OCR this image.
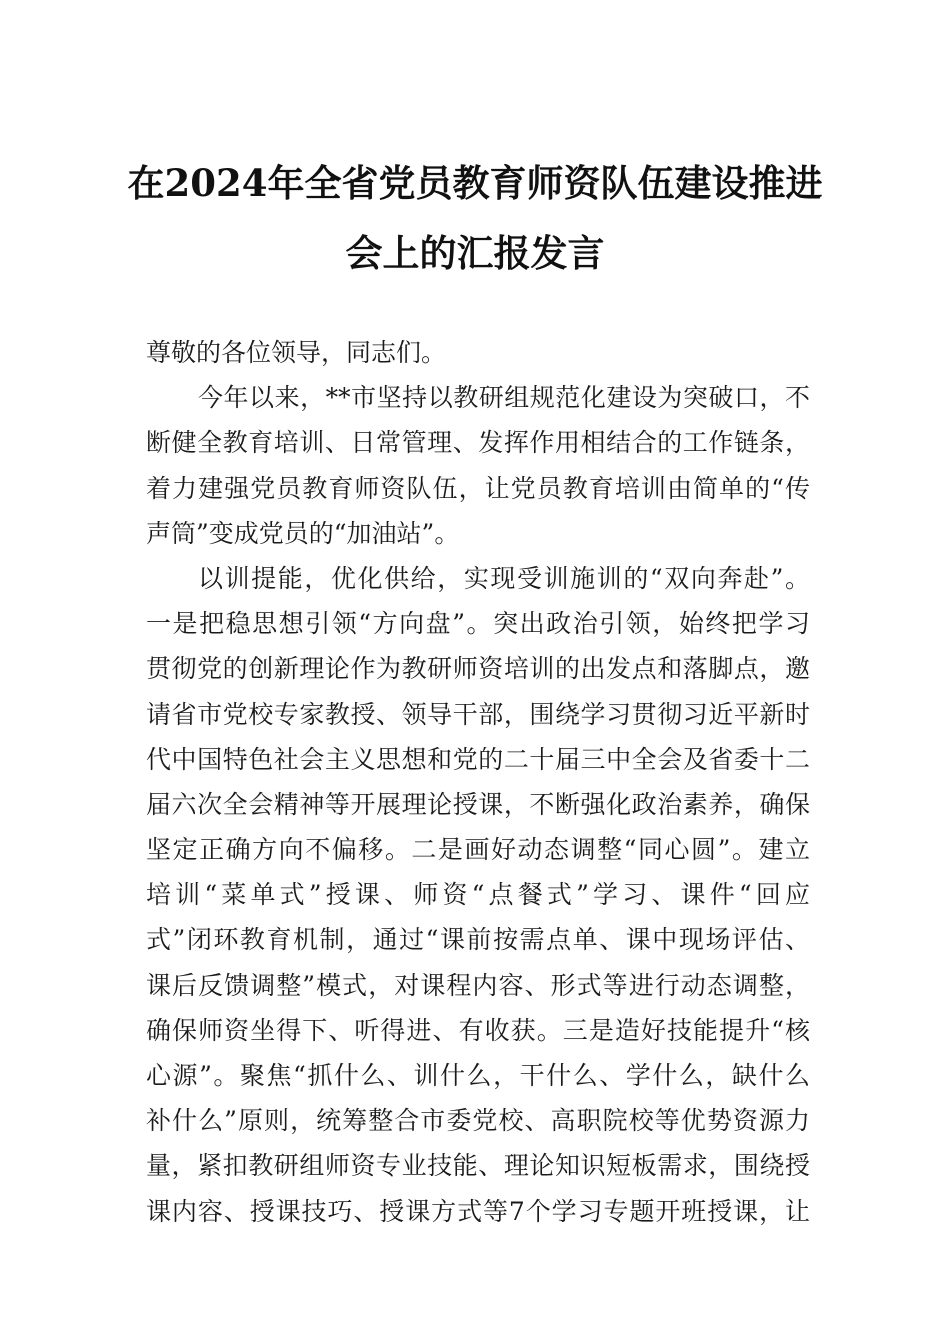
在2024年全省党员教育师资队伍建设推进
会上的汇报发言
尊敬的各位领导，同志们。
今年以来，**市坚持以教研组规范化建设为突破口，不
断健全教育培训、日常管理、发挥作用相结合的工作链条，
着力建强党员教育师资队伍，让党员教育培训由简单的“传
声筒”变成党员的“加油站”。
以训提能，优化供给，实现受训施训的“双向奔赴”。
一是把稳思想引领“方向盘”。突出政治引领，始终把学习
贯彻党的创新理论作为教研师资培训的出发点和落脚点，邀
请省市党校专家教授、领导干部，围绕学习贯彻习近平新时
代中国特色社会主义思想和党的二十届三中全会及省委十二
届六次全会精神等开展理论授课，不断强化政治素养，确保
坚定正确方向不偏移。二是画好动态调整“同心圆”。建立
培训“菜单式”授课、师资“点餐式”学习、课件“回应
式”闭环教育机制，通过“课前按需点单、课中现场评估、
课后反馈调整”模式，对课程内容、形式等进行动态调整，
确保师资坐得下、听得进、有收获。三是造好技能提升“核
心源”。聚焦“抓什么、训什么，干什么、学什么，缺什么
补什么”原则，统筹整合市委党校、高职院校等优势资源力
量，紧扣教研组师资专业技能、理论知识短板需求，围绕授
课内容、授课技巧、授课方式等7个学习专题开班授课，让
